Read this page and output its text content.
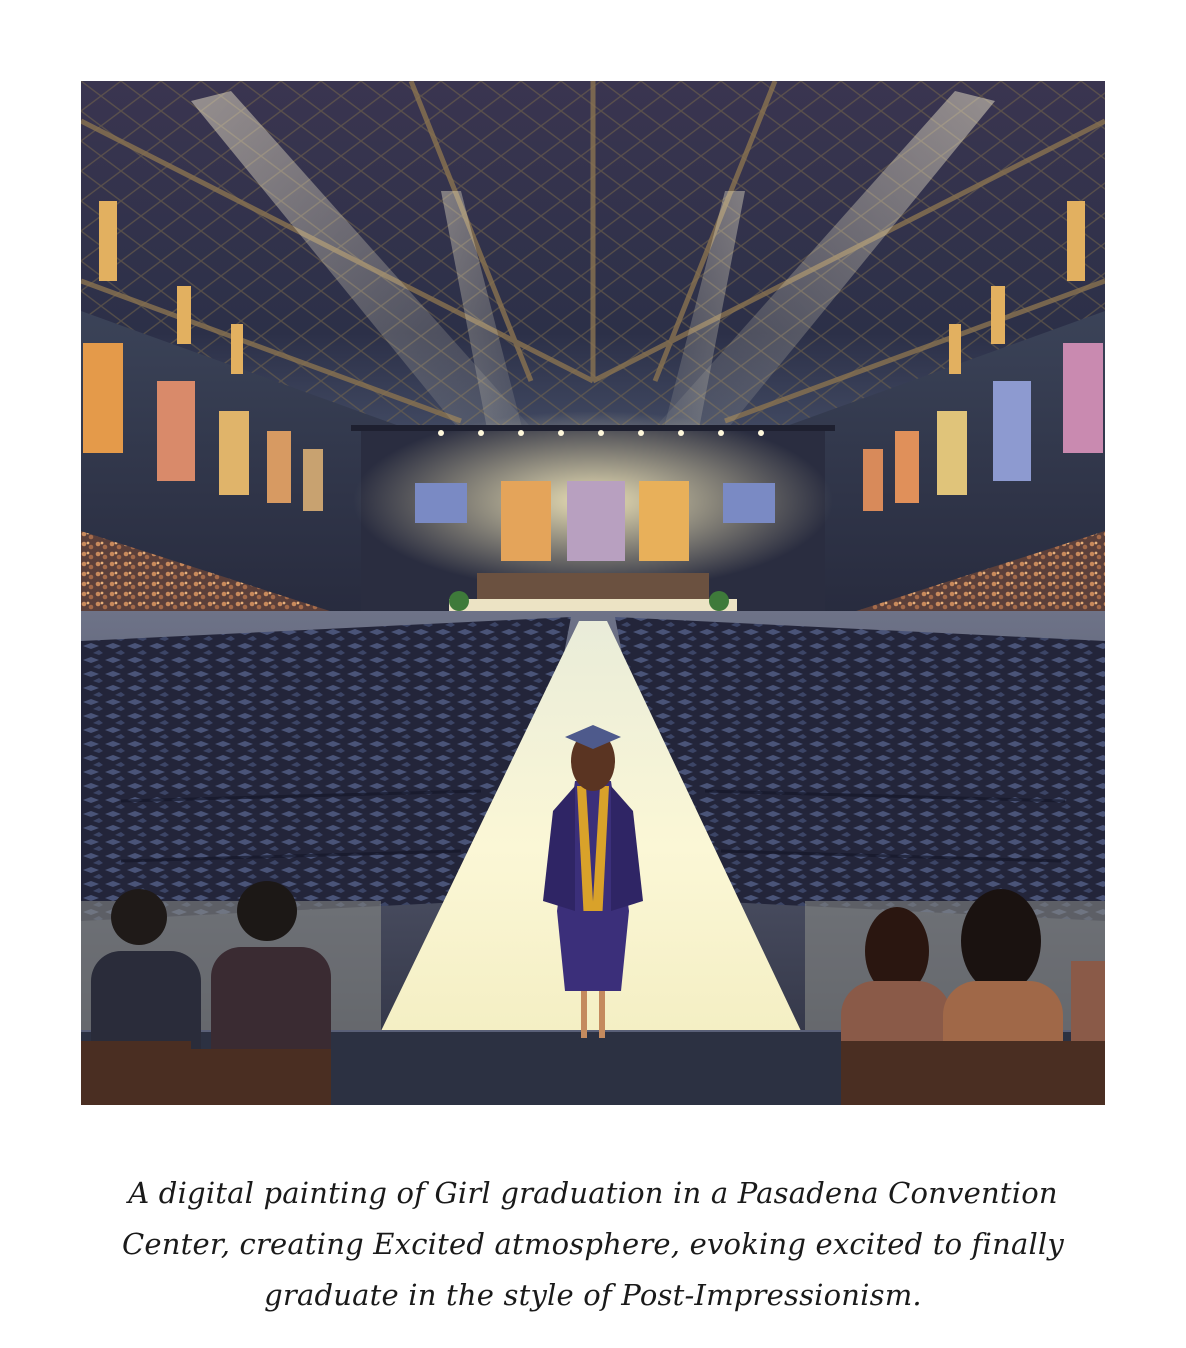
A digital painting of Girl graduation in a Pasadena Convention Center, creating Excited atmosphere, evoking excited to finally graduate in the style of Post-Impressionism.
